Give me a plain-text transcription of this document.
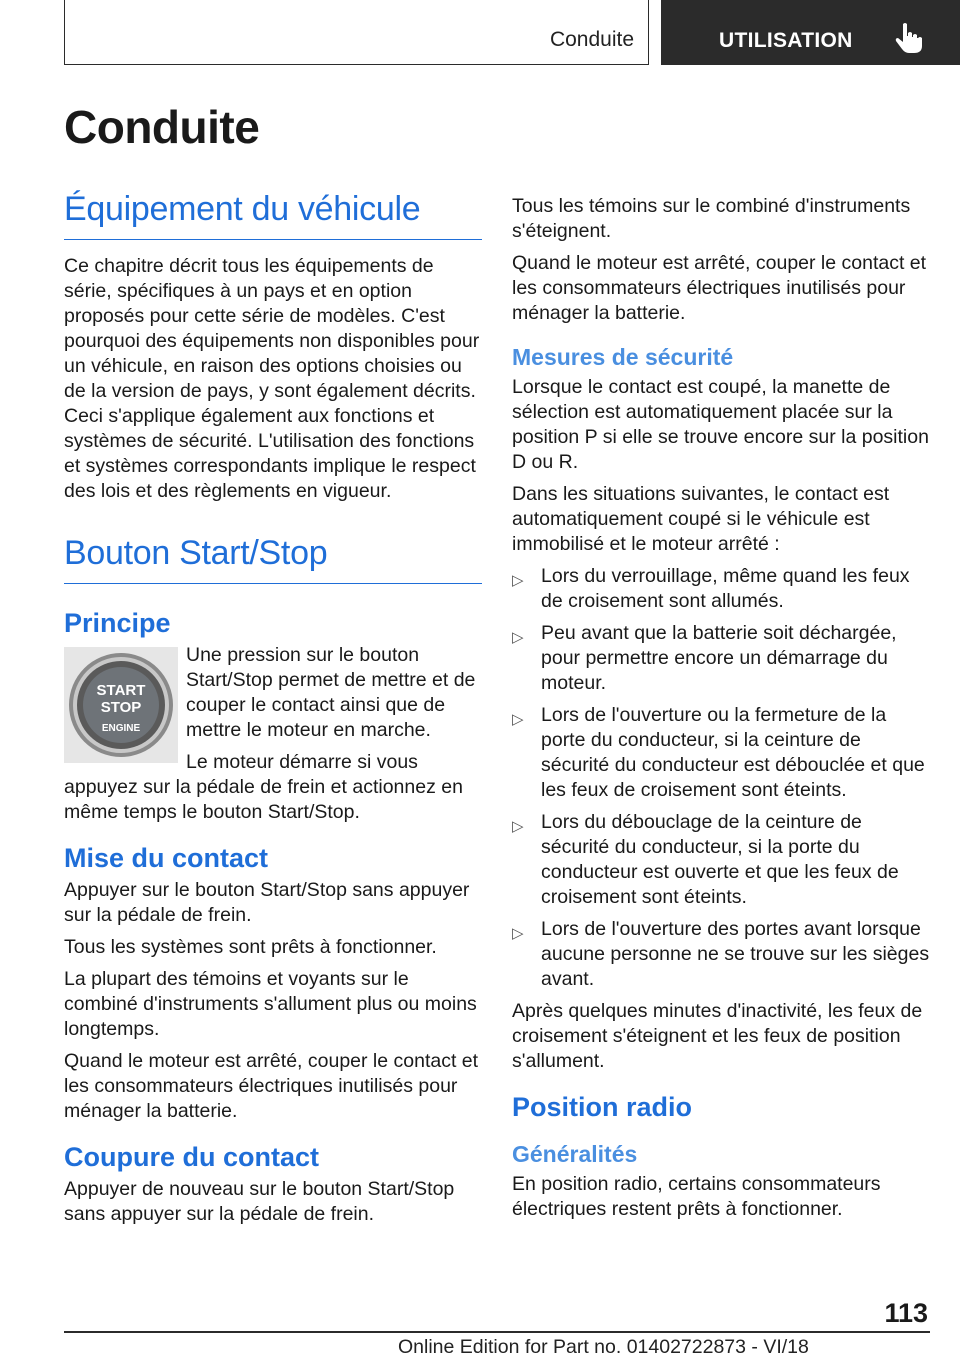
Conduite	UTILISATION
Conduite
Équipement du véhicule

Ce chapitre décrit tous les équipements de série, spécifiques à un pays et en option proposés pour cette série de modèles. C'est pourquoi des équipements non disponibles pour un véhicule, en raison des options choisies ou de la version de pays, y sont également décrits. Ceci s'applique également aux fonctions et systèmes de sécurité. L'utilisation des fonctions et systèmes correspondants implique le respect des lois et des règlements en vigueur.

Bouton Start/Stop
Principe
START
STOP
ENGINE

Une pression sur le bouton Start/Stop permet de mettre et de couper le contact ainsi que de mettre le moteur en marche.

Le moteur démarre si vous appuyez sur la pédale de frein et actionnez en même temps le bouton Start/Stop.

Mise du contact

Appuyer sur le bouton Start/Stop sans appuyer sur la pédale de frein.

Tous les systèmes sont prêts à fonctionner.

La plupart des témoins et voyants sur le combiné d'instruments s'allument plus ou moins longtemps.

Quand le moteur est arrêté, couper le contact et les consommateurs électriques inutilisés pour ménager la batterie.

Coupure du contact

Appuyer de nouveau sur le bouton Start/Stop sans appuyer sur la pédale de frein.

Tous les témoins sur le combiné d'instruments s'éteignent.

Quand le moteur est arrêté, couper le contact et les consommateurs électriques inutilisés pour ménager la batterie.

Mesures de sécurité

Lorsque le contact est coupé, la manette de sélection est automatiquement placée sur la position P si elle se trouve encore sur la position D ou R.

Dans les situations suivantes, le contact est automatiquement coupé si le véhicule est immobilisé et le moteur arrêté :

▷ Lors du verrouillage, même quand les feux de croisement sont allumés.
▷ Peu avant que la batterie soit déchargée, pour permettre encore un démarrage du moteur.
▷ Lors de l'ouverture ou la fermeture de la porte du conducteur, si la ceinture de sécurité du conducteur est débouclée et que les feux de croisement sont éteints.
▷ Lors du débouclage de la ceinture de sécurité du conducteur, si la porte du conducteur est ouverte et que les feux de croisement sont éteints.
▷ Lors de l'ouverture des portes avant lorsque aucune personne ne se trouve sur les sièges avant.

Après quelques minutes d'inactivité, les feux de croisement s'éteignent et les feux de position s'allument.

Position radio
Généralités

En position radio, certains consommateurs électriques restent prêts à fonctionner.

113
Online Edition for Part no. 01402722873 - VI/18
